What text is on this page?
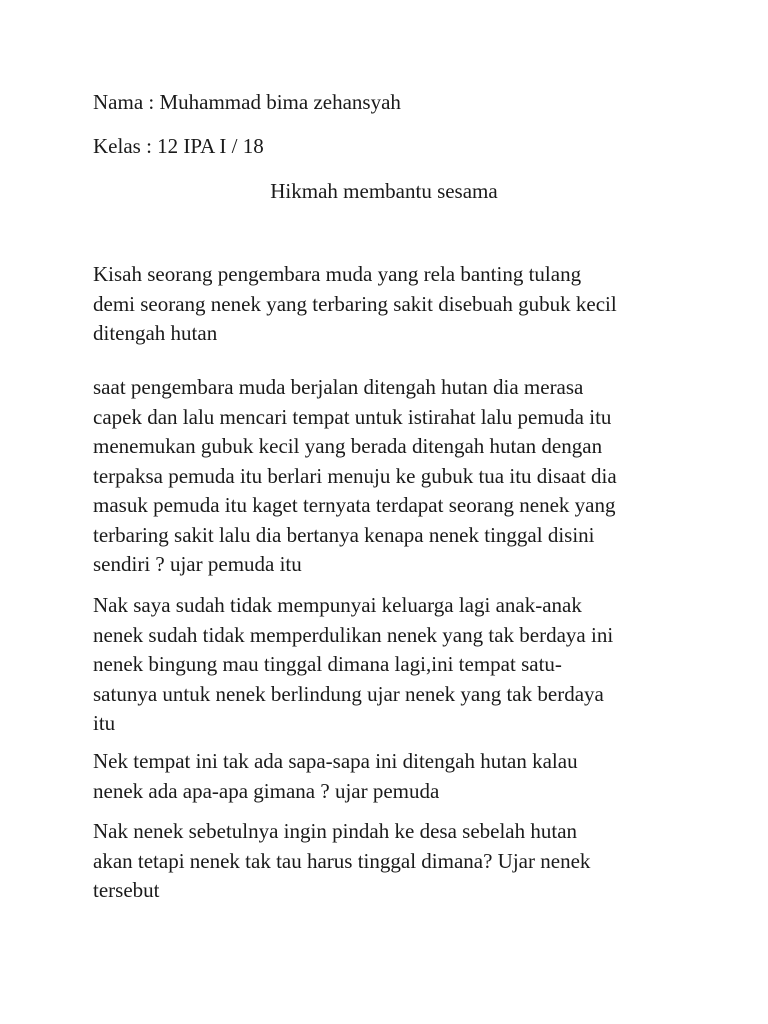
Nama : Muhammad bima zehansyah

Kelas : 12 IPA I / 18

Hikmah membantu sesama

Kisah seorang pengembara muda yang rela banting tulang
demi seorang nenek yang terbaring sakit disebuah gubuk kecil
ditengah hutan
saat pengembara muda berjalan ditengah hutan dia merasa
capek dan lalu mencari tempat untuk istirahat lalu pemuda itu
menemukan gubuk kecil yang berada ditengah hutan dengan
terpaksa pemuda itu berlari menuju ke gubuk tua itu disaat dia
masuk pemuda itu kaget ternyata terdapat seorang nenek yang
terbaring sakit lalu dia bertanya kenapa nenek tinggal disini
sendiri ? ujar pemuda itu
Nak saya sudah tidak mempunyai keluarga lagi anak-anak
nenek sudah tidak memperdulikan nenek yang tak berdaya ini
nenek bingung mau tinggal dimana lagi,ini tempat satu-
satunya untuk nenek berlindung ujar nenek yang tak berdaya
itu
Nek tempat ini tak ada sapa-sapa ini ditengah hutan kalau
nenek ada apa-apa gimana ? ujar pemuda
Nak nenek sebetulnya ingin pindah ke desa sebelah hutan
akan tetapi nenek tak tau harus tinggal dimana? Ujar nenek
tersebut
